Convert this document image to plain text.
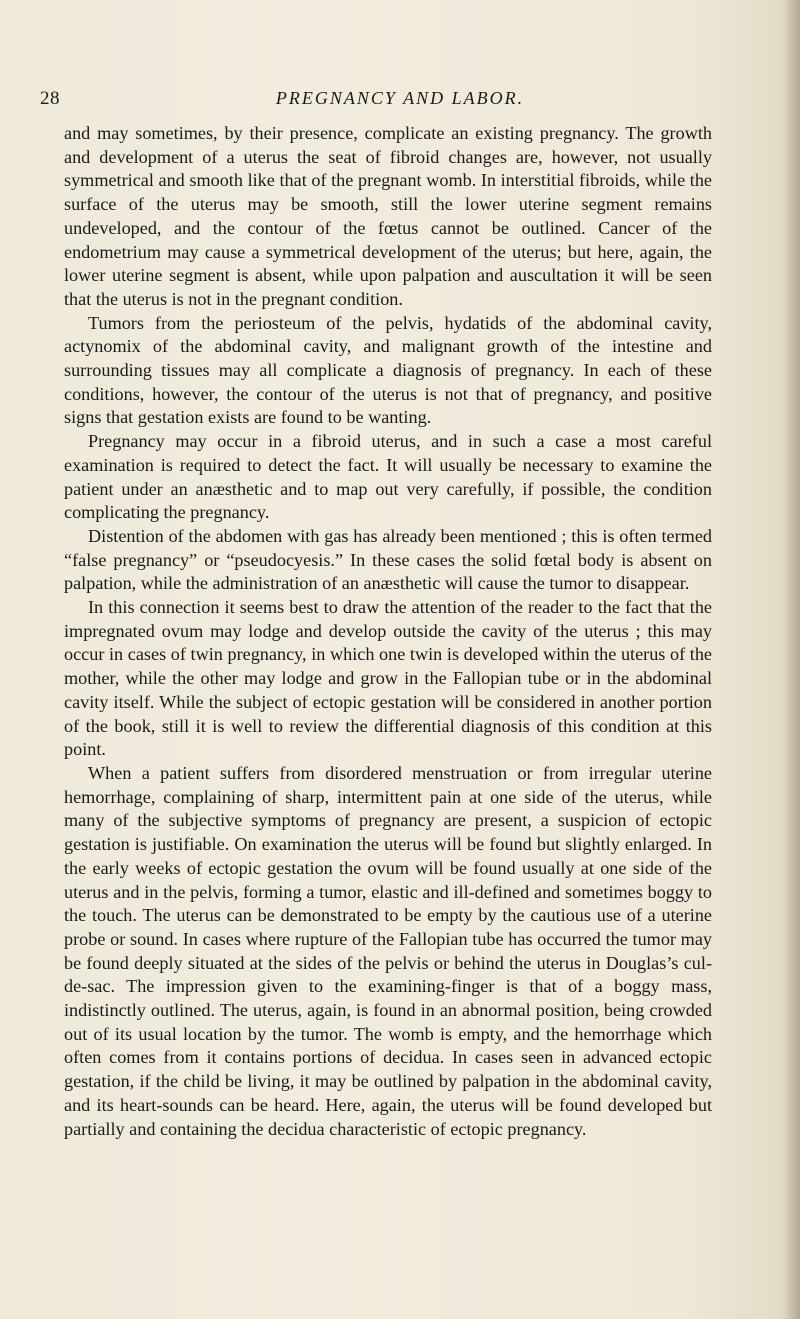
28	PREGNANCY AND LABOR.

and may sometimes, by their presence, complicate an existing pregnancy. The growth and development of a uterus the seat of fibroid changes are, however, not usually symmetrical and smooth like that of the pregnant womb. In interstitial fibroids, while the surface of the uterus may be smooth, still the lower uterine segment remains undeveloped, and the contour of the fœtus cannot be outlined. Cancer of the endometrium may cause a symmetrical development of the uterus; but here, again, the lower uterine segment is absent, while upon palpation and auscultation it will be seen that the uterus is not in the pregnant condition.

Tumors from the periosteum of the pelvis, hydatids of the abdominal cavity, actynomix of the abdominal cavity, and malignant growth of the intestine and surrounding tissues may all complicate a diagnosis of pregnancy. In each of these conditions, however, the contour of the uterus is not that of pregnancy, and positive signs that gestation exists are found to be wanting.

Pregnancy may occur in a fibroid uterus, and in such a case a most careful examination is required to detect the fact. It will usually be necessary to examine the patient under an anæsthetic and to map out very carefully, if possible, the condition complicating the pregnancy.

Distention of the abdomen with gas has already been mentioned ; this is often termed “false pregnancy” or “pseudocyesis.” In these cases the solid fœtal body is absent on palpation, while the administration of an anæsthetic will cause the tumor to disappear.

In this connection it seems best to draw the attention of the reader to the fact that the impregnated ovum may lodge and develop outside the cavity of the uterus ; this may occur in cases of twin pregnancy, in which one twin is developed within the uterus of the mother, while the other may lodge and grow in the Fallopian tube or in the abdominal cavity itself. While the subject of ectopic gestation will be considered in another portion of the book, still it is well to review the differential diagnosis of this condition at this point.

When a patient suffers from disordered menstruation or from irregular uterine hemorrhage, complaining of sharp, intermittent pain at one side of the uterus, while many of the subjective symptoms of pregnancy are present, a suspicion of ectopic gestation is justifiable. On examination the uterus will be found but slightly enlarged. In the early weeks of ectopic gestation the ovum will be found usually at one side of the uterus and in the pelvis, forming a tumor, elastic and ill-defined and sometimes boggy to the touch. The uterus can be demonstrated to be empty by the cautious use of a uterine probe or sound. In cases where rupture of the Fallopian tube has occurred the tumor may be found deeply situated at the sides of the pelvis or behind the uterus in Douglas’s cul-de-sac. The impression given to the examining-finger is that of a boggy mass, indistinctly outlined. The uterus, again, is found in an abnormal position, being crowded out of its usual location by the tumor. The womb is empty, and the hemorrhage which often comes from it contains portions of decidua. In cases seen in advanced ectopic gestation, if the child be living, it may be outlined by palpation in the abdominal cavity, and its heart-sounds can be heard. Here, again, the uterus will be found developed but partially and containing the decidua characteristic of ectopic pregnancy.
